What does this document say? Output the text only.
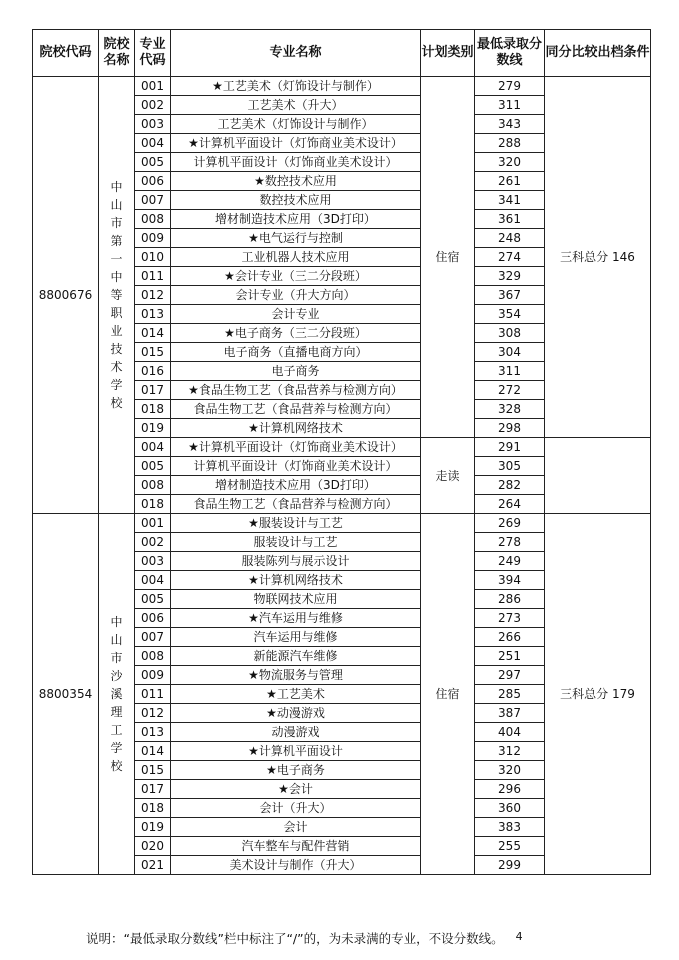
院校代码	院校名称	专业代码	专业名称	计划类别	最低录取分数线	同分比较出档条件

8800676	中山市第一中等职业技术学校	001	★工艺美术（灯饰设计与制作）	住宿	279	三科总分 146
		002	工艺美术（升大）		311	
		003	工艺美术（灯饰设计与制作）		343	
		004	★计算机平面设计（灯饰商业美术设计）		288	
		005	计算机平面设计（灯饰商业美术设计）		320	
		006	★数控技术应用		261	
		007	数控技术应用		341	
		008	增材制造技术应用（3D打印）		361	
		009	★电气运行与控制		248	
		010	工业机器人技术应用		274	
		011	★会计专业（三二分段班）		329	
		012	会计专业（升大方向）		367	
		013	会计专业		354	
		014	★电子商务（三二分段班）		308	
		015	电子商务（直播电商方向）		304	
		016	电子商务		311	
		017	★食品生物工艺（食品营养与检测方向）		272	
		018	食品生物工艺（食品营养与检测方向）		328	
		019	★计算机网络技术		298	
		004	★计算机平面设计（灯饰商业美术设计）	走读	291	
		005	计算机平面设计（灯饰商业美术设计）		305	
		008	增材制造技术应用（3D打印）		282	
		018	食品生物工艺（食品营养与检测方向）		264	
8800354	中山市沙溪理工学校	001	★服装设计与工艺	住宿	269	三科总分 179
		002	服装设计与工艺		278	
		003	服装陈列与展示设计		249	
		004	★计算机网络技术		394	
		005	物联网技术应用		286	
		006	★汽车运用与维修		273	
		007	汽车运用与维修		266	
		008	新能源汽车维修		251	
		009	★物流服务与管理		297	
		011	★工艺美术		285	
		012	★动漫游戏		387	
		013	动漫游戏		404	
		014	★计算机平面设计		312	
		015	★电子商务		320	
		017	★会计		296	
		018	会计（升大）		360	
		019	会计		383	
		020	汽车整车与配件营销		255	
		021	美术设计与制作（升大）		299	
说明：“最低录取分数线”栏中标注了“/”的，为未录满的专业，不设分数线。 4
